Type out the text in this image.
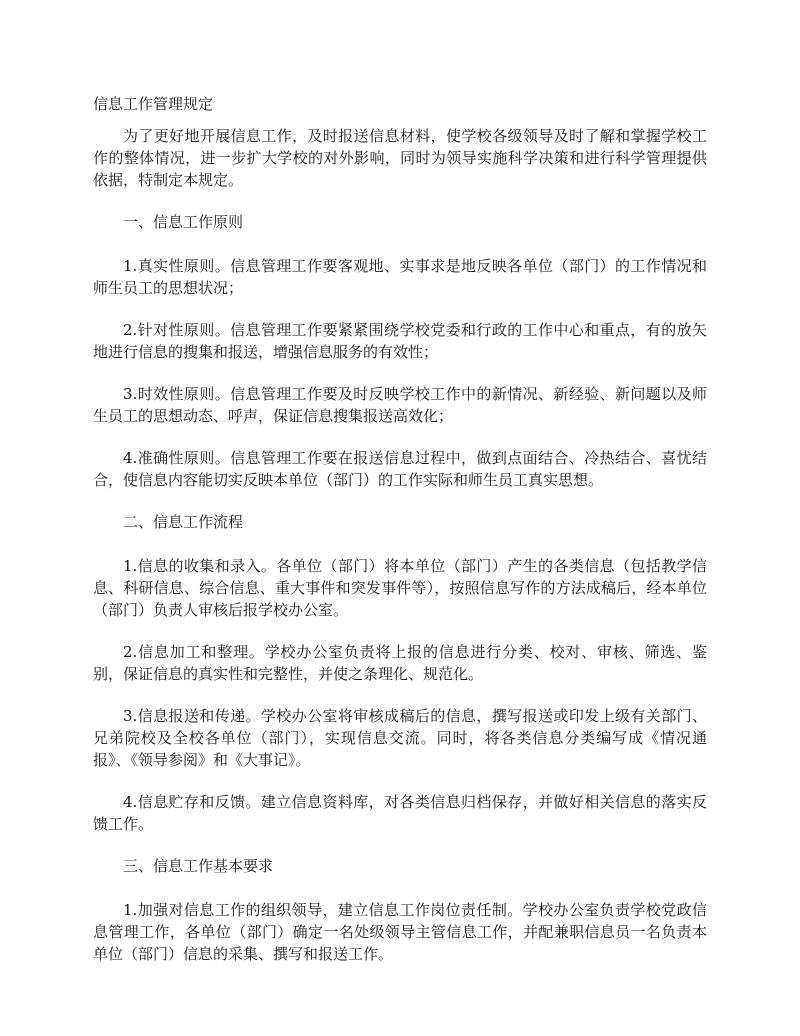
信息工作管理规定

为了更好地开展信息工作，及时报送信息材料，使学校各级领导及时了解和掌握学校工作的整体情况，进一步扩大学校的对外影响，同时为领导实施科学决策和进行科学管理提供依据，特制定本规定。

一、信息工作原则

1.真实性原则。信息管理工作要客观地、实事求是地反映各单位（部门）的工作情况和师生员工的思想状况；

2.针对性原则。信息管理工作要紧紧围绕学校党委和行政的工作中心和重点，有的放矢地进行信息的搜集和报送，增强信息服务的有效性；

3.时效性原则。信息管理工作要及时反映学校工作中的新情况、新经验、新问题以及师生员工的思想动态、呼声，保证信息搜集报送高效化；

4.准确性原则。信息管理工作要在报送信息过程中，做到点面结合、冷热结合、喜忧结合，使信息内容能切实反映本单位（部门）的工作实际和师生员工真实思想。

二、信息工作流程

1.信息的收集和录入。各单位（部门）将本单位（部门）产生的各类信息（包括教学信息、科研信息、综合信息、重大事件和突发事件等），按照信息写作的方法成稿后，经本单位（部门）负责人审核后报学校办公室。

2.信息加工和整理。学校办公室负责将上报的信息进行分类、校对、审核、筛选、鉴别，保证信息的真实性和完整性，并使之条理化、规范化。

3.信息报送和传递。学校办公室将审核成稿后的信息，撰写报送或印发上级有关部门、兄弟院校及全校各单位（部门），实现信息交流。同时，将各类信息分类编写成《情况通报》、《领导参阅》和《大事记》。

4.信息贮存和反馈。建立信息资料库，对各类信息归档保存，并做好相关信息的落实反馈工作。

三、信息工作基本要求

1.加强对信息工作的组织领导，建立信息工作岗位责任制。学校办公室负责学校党政信息管理工作，各单位（部门）确定一名处级领导主管信息工作，并配兼职信息员一名负责本单位（部门）信息的采集、撰写和报送工作。
